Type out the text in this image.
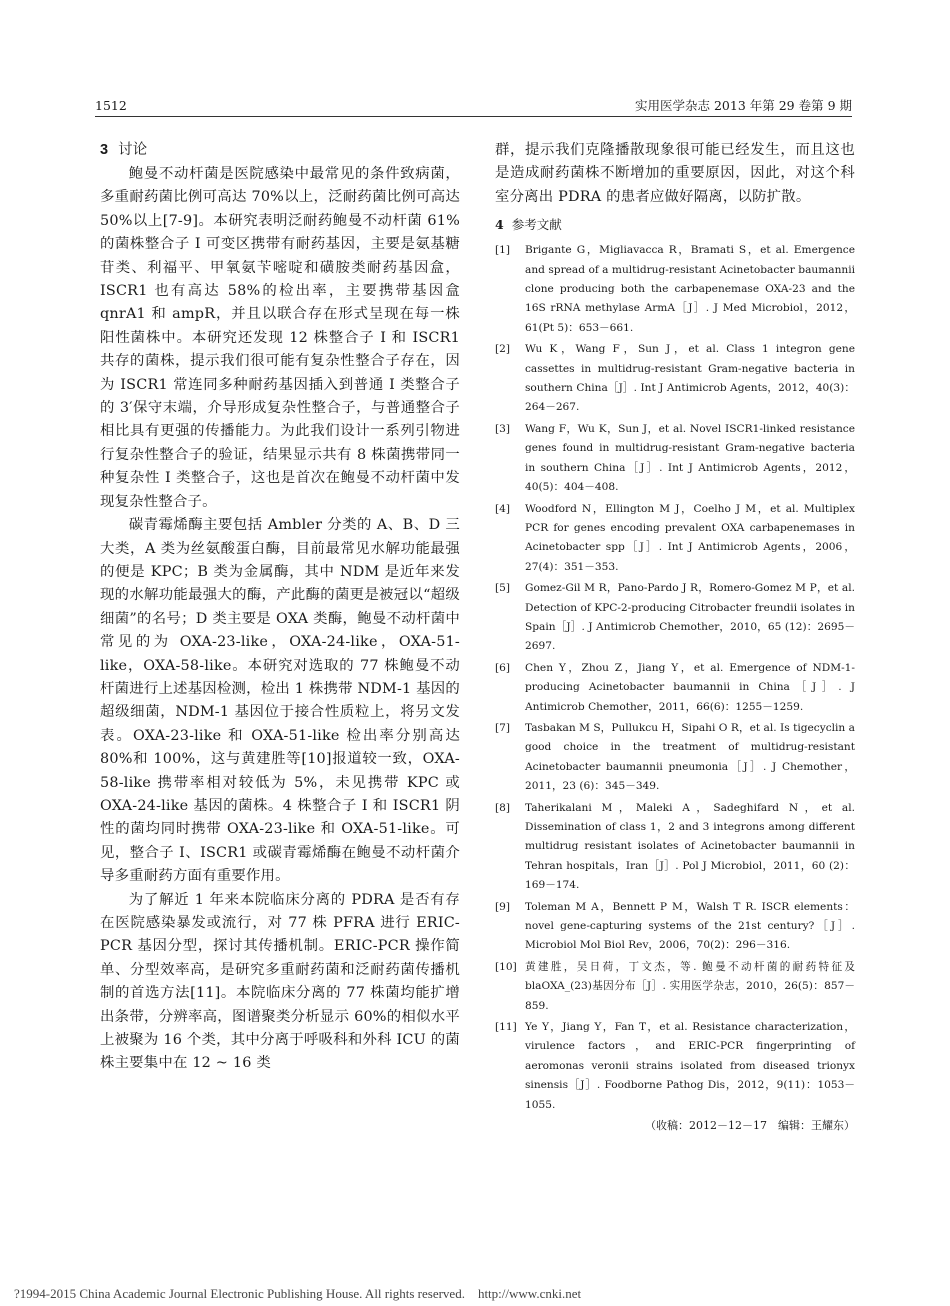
1512	实用医学杂志 2013 年第 29 卷第 9 期
3 讨论

鲍曼不动杆菌是医院感染中最常见的条件致病菌，多重耐药菌比例可高达 70%以上，泛耐药菌比例可高达 50%以上[7-9]。本研究表明泛耐药鲍曼不动杆菌 61%的菌株整合子 I 可变区携带有耐药基因，主要是氨基糖苷类、利福平、甲氧氨苄嘧啶和磺胺类耐药基因盒，ISCR1 也有高达 58%的检出率，主要携带基因盒 qnrA1 和 ampR，并且以联合存在形式呈现在每一株阳性菌株中。本研究还发现 12 株整合子 I 和 ISCR1 共存的菌株，提示我们很可能有复杂性整合子存在，因为 ISCR1 常连同多种耐药基因插入到普通 I 类整合子的 3′保守末端，介导形成复杂性整合子，与普通整合子相比具有更强的传播能力。为此我们设计一系列引物进行复杂性整合子的验证，结果显示共有 8 株菌携带同一种复杂性 I 类整合子，这也是首次在鲍曼不动杆菌中发现复杂性整合子。

碳青霉烯酶主要包括 Ambler 分类的 A、B、D 三大类，A 类为丝氨酸蛋白酶，目前最常见水解功能最强的便是 KPC；B 类为金属酶，其中 NDM 是近年来发现的水解功能最强大的酶，产此酶的菌更是被冠以“超级细菌”的名号；D 类主要是 OXA 类酶，鲍曼不动杆菌中常见的为 OXA-23-like，OXA-24-like，OXA-51-like，OXA-58-like。本研究对选取的 77 株鲍曼不动杆菌进行上述基因检测，检出 1 株携带 NDM-1 基因的超级细菌，NDM-1 基因位于接合性质粒上，将另文发表。OXA-23-like 和 OXA-51-like 检出率分别高达 80%和 100%，这与黄建胜等[10]报道较一致，OXA-58-like 携带率相对较低为 5%，未见携带 KPC 或 OXA-24-like 基因的菌株。4 株整合子 I 和 ISCR1 阴性的菌均同时携带 OXA-23-like 和 OXA-51-like。可见，整合子 I、ISCR1 或碳青霉烯酶在鲍曼不动杆菌介导多重耐药方面有重要作用。

为了解近 1 年来本院临床分离的 PDRA 是否有存在医院感染暴发或流行，对 77 株 PFRA 进行 ERIC-PCR 基因分型，探讨其传播机制。ERIC-PCR 操作简单、分型效率高，是研究多重耐药菌和泛耐药菌传播机制的首选方法[11]。本院临床分离的 77 株菌均能扩增出条带，分辨率高，图谱聚类分析显示 60%的相似水平上被聚为 16 个类，其中分离于呼吸科和外科 ICU 的菌株主要集中在 12 ~ 16 类

群，提示我们克隆播散现象很可能已经发生，而且这也是造成耐药菌株不断增加的重要原因，因此，对这个科室分离出 PDRA 的患者应做好隔离，以防扩散。

4 参考文献
[1]	Brigante G，Migliavacca R，Bramati S，et al. Emergence and spread of a multidrug-resistant Acinetobacter baumannii clone producing both the carbapenemase OXA-23 and the 16S rRNA methylase ArmA［J］. J Med Microbiol，2012，61(Pt 5)：653－661.
[2]	Wu K，Wang F，Sun J，et al. Class 1 integron gene cassettes in multidrug-resistant Gram-negative bacteria in southern China［J］. Int J Antimicrob Agents，2012，40(3)：264－267.
[3]	Wang F，Wu K，Sun J，et al. Novel ISCR1-linked resistance genes found in multidrug-resistant Gram-negative bacteria in southern China［J］. Int J Antimicrob Agents，2012，40(5)：404－408.
[4]	Woodford N，Ellington M J，Coelho J M，et al. Multiplex PCR for genes encoding prevalent OXA carbapenemases in Acinetobacter spp［J］. Int J Antimicrob Agents，2006，27(4)：351－353.
[5]	Gomez-Gil M R，Pano-Pardo J R，Romero-Gomez M P，et al. Detection of KPC-2-producing Citrobacter freundii isolates in Spain［J］. J Antimicrob Chemother，2010，65 (12)：2695－2697.
[6]	Chen Y，Zhou Z，Jiang Y，et al. Emergence of NDM-1-producing Acinetobacter baumannii in China［J］. J Antimicrob Chemother，2011，66(6)：1255－1259.
[7]	Tasbakan M S，Pullukcu H，Sipahi O R，et al. Is tigecyclin a good choice in the treatment of multidrug-resistant Acinetobacter baumannii pneumonia［J］. J Chemother，2011，23 (6)：345－349.
[8]	Taherikalani M，Maleki A，Sadeghifard N，et al. Dissemination of class 1，2 and 3 integrons among different multidrug resistant isolates of Acinetobacter baumannii in Tehran hospitals，Iran［J］. Pol J Microbiol，2011，60 (2)：169－174.
[9]	Toleman M A，Bennett P M，Walsh T R. ISCR elements：novel gene-capturing systems of the 21st century?［J］. Microbiol Mol Biol Rev，2006，70(2)：296－316.
[10] 黄建胜，吴日荷，丁文杰，等. 鲍曼不动杆菌的耐药特征及 blaOXA_(23)基因分布［J］. 实用医学杂志，2010，26(5)：857－859.
[11] Ye Y，Jiang Y，Fan T，et al. Resistance characterization，virulence factors，and ERIC-PCR fingerprinting of aeromonas veronii strains isolated from diseased trionyx sinensis［J］. Foodborne Pathog Dis，2012，9(11)：1053－1055.
（收稿：2012－12－17　编辑：王耀东）
?1994-2015 China Academic Journal Electronic Publishing House. All rights reserved.　http://www.cnki.net
